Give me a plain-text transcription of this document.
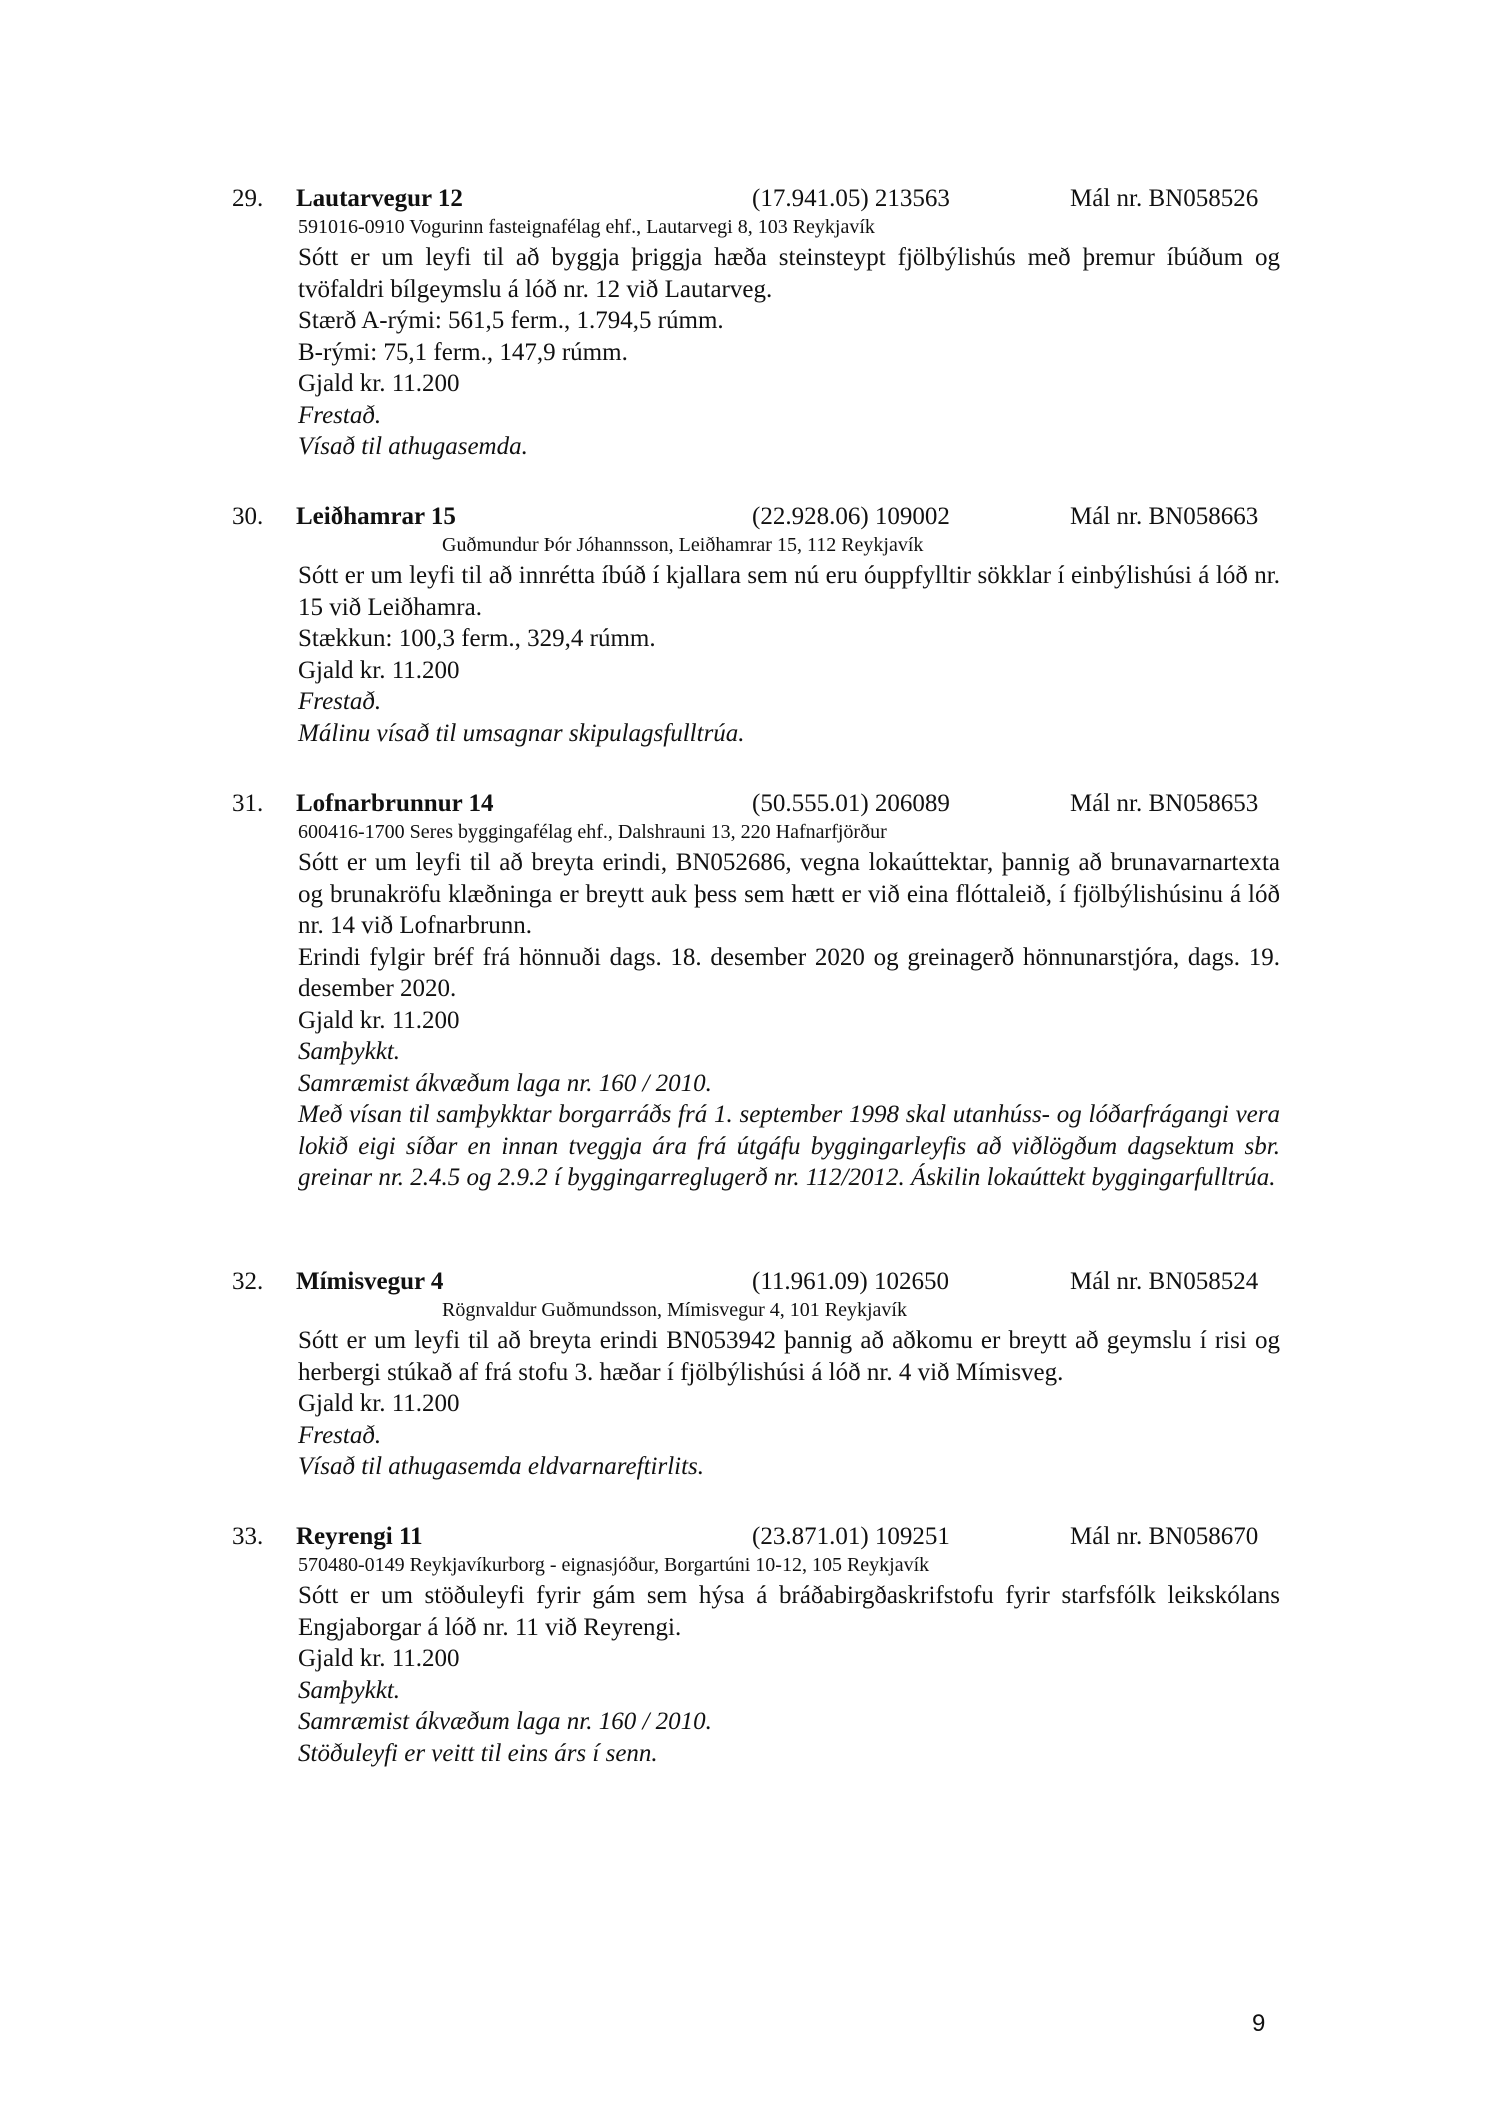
29. Lautarvegur 12	(17.941.05) 213563	Mál nr. BN058526
591016-0910 Vogurinn fasteignafélag ehf., Lautarvegi 8, 103 Reykjavík
Sótt er um leyfi til að byggja þriggja hæða steinsteypt fjölbýlishús með þremur íbúðum og tvöfaldri bílgeymslu á lóð nr. 12 við Lautarveg.
Stærð A-rými: 561,5 ferm., 1.794,5 rúmm.
B-rými: 75,1 ferm., 147,9 rúmm.
Gjald kr. 11.200
Frestað.
Vísað til athugasemda.
30. Leiðhamrar 15	(22.928.06) 109002	Mál nr. BN058663
Guðmundur Þór Jóhannsson, Leiðhamrar 15, 112 Reykjavík
Sótt er um leyfi til að innrétta íbúð í kjallara sem nú eru óuppfylltir sökklar í einbýlishúsi á lóð nr. 15 við Leiðhamra.
Stækkun: 100,3 ferm., 329,4 rúmm.
Gjald kr. 11.200
Frestað.
Málinu vísað til umsagnar skipulagsfulltrúa.
31. Lofnarbrunnur 14	(50.555.01) 206089	Mál nr. BN058653
600416-1700 Seres byggingafélag ehf., Dalshrauni 13, 220 Hafnarfjörður
Sótt er um leyfi til að breyta erindi, BN052686, vegna lokaúttektar, þannig að brunavarnartexta og brunakröfu klæðninga er breytt auk þess sem hætt er við eina flóttaleið, í fjölbýlishúsinu á lóð nr. 14 við Lofnarbrunn.
Erindi fylgir bréf frá hönnuði dags. 18. desember 2020 og greinagerð hönnunarstjóra, dags. 19. desember 2020.
Gjald kr. 11.200
Samþykkt.
Samræmist ákvæðum laga nr. 160 / 2010.
Með vísan til samþykktar borgarráðs frá 1. september 1998 skal utanhúss- og lóðarfrágangi vera lokið eigi síðar en innan tveggja ára frá útgáfu byggingarleyfis að viðlögðum dagsektum sbr. greinar nr. 2.4.5 og 2.9.2 í byggingarreglugerð nr. 112/2012. Áskilin lokaúttekt byggingarfulltrúa.
32. Mímisvegur 4	(11.961.09) 102650	Mál nr. BN058524
Rögnvaldur Guðmundsson, Mímisvegur 4, 101 Reykjavík
Sótt er um leyfi til að breyta erindi BN053942 þannig að aðkomu er breytt að geymslu í risi og herbergi stúkað af frá stofu 3. hæðar í fjölbýlishúsi á lóð nr. 4 við Mímisveg.
Gjald kr. 11.200
Frestað.
Vísað til athugasemda eldvarnareftirlits.
33. Reyrengi 11	(23.871.01) 109251	Mál nr. BN058670
570480-0149 Reykjavíkurborg - eignasjóður, Borgartúni 10-12, 105 Reykjavík
Sótt er um stöðuleyfi fyrir gám sem hýsa á bráðabirgðaskrifstofu fyrir starfsfólk leikskólans Engjaborgar á lóð nr. 11 við Reyrengi.
Gjald kr. 11.200
Samþykkt.
Samræmist ákvæðum laga nr. 160 / 2010.
Stöðuleyfi er veitt til eins árs í senn.
9
